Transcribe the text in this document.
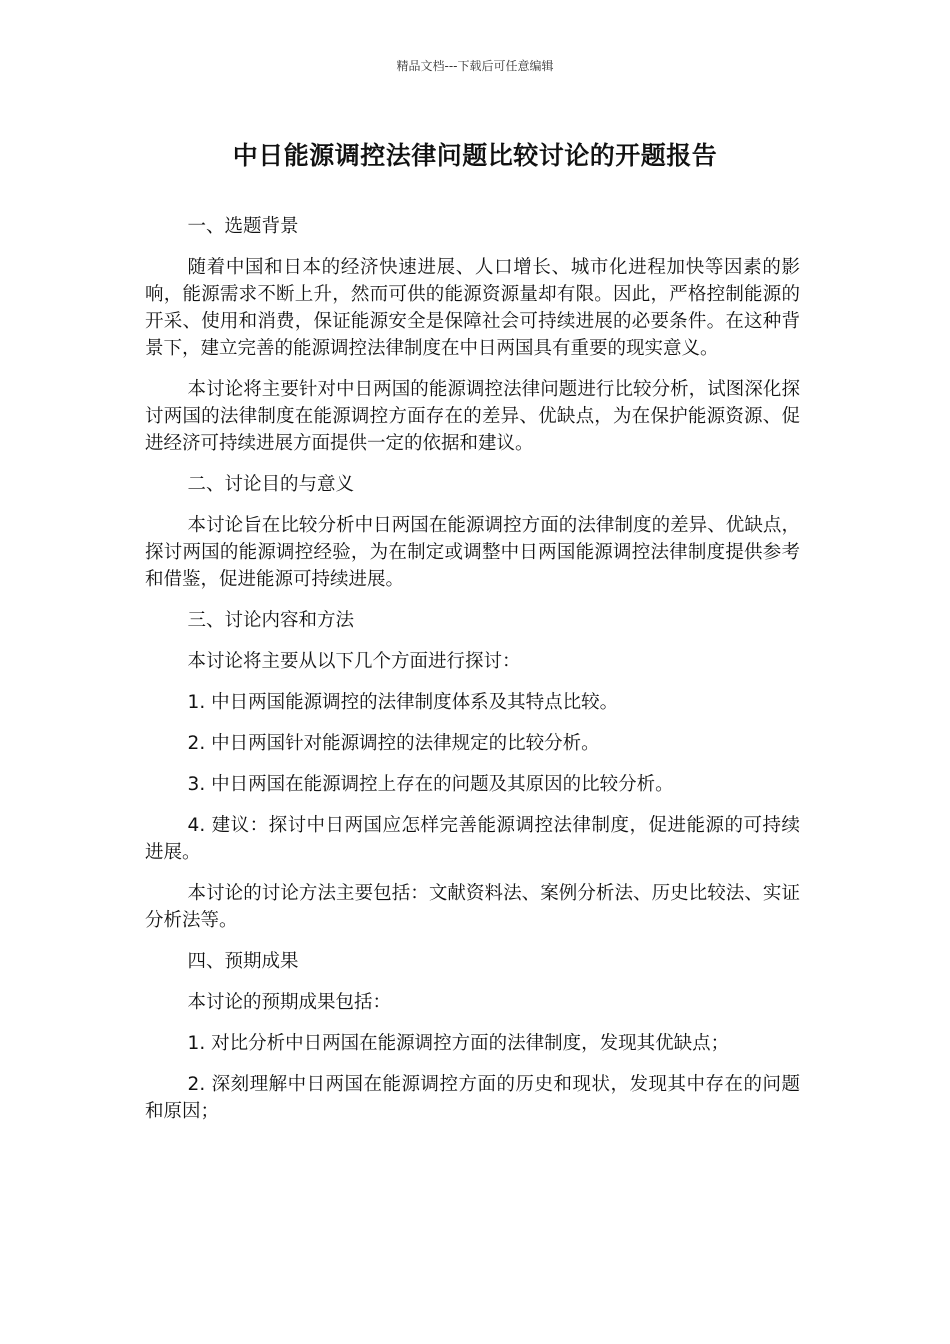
精品文档---下载后可任意编辑
中日能源调控法律问题比较讨论的开题报告

一、选题背景

随着中国和日本的经济快速进展、人口增长、城市化进程加快等因素的影响，能源需求不断上升，然而可供的能源资源量却有限。因此，严格控制能源的开采、使用和消费，保证能源安全是保障社会可持续进展的必要条件。在这种背景下，建立完善的能源调控法律制度在中日两国具有重要的现实意义。

本讨论将主要针对中日两国的能源调控法律问题进行比较分析，试图深化探讨两国的法律制度在能源调控方面存在的差异、优缺点，为在保护能源资源、促进经济可持续进展方面提供一定的依据和建议。

二、讨论目的与意义

本讨论旨在比较分析中日两国在能源调控方面的法律制度的差异、优缺点，探讨两国的能源调控经验，为在制定或调整中日两国能源调控法律制度提供参考和借鉴，促进能源可持续进展。

三、讨论内容和方法

本讨论将主要从以下几个方面进行探讨：

1. 中日两国能源调控的法律制度体系及其特点比较。

2. 中日两国针对能源调控的法律规定的比较分析。

3. 中日两国在能源调控上存在的问题及其原因的比较分析。

4. 建议：探讨中日两国应怎样完善能源调控法律制度，促进能源的可持续进展。

本讨论的讨论方法主要包括：文献资料法、案例分析法、历史比较法、实证分析法等。

四、预期成果

本讨论的预期成果包括：

1. 对比分析中日两国在能源调控方面的法律制度，发现其优缺点；

2. 深刻理解中日两国在能源调控方面的历史和现状，发现其中存在的问题和原因；
